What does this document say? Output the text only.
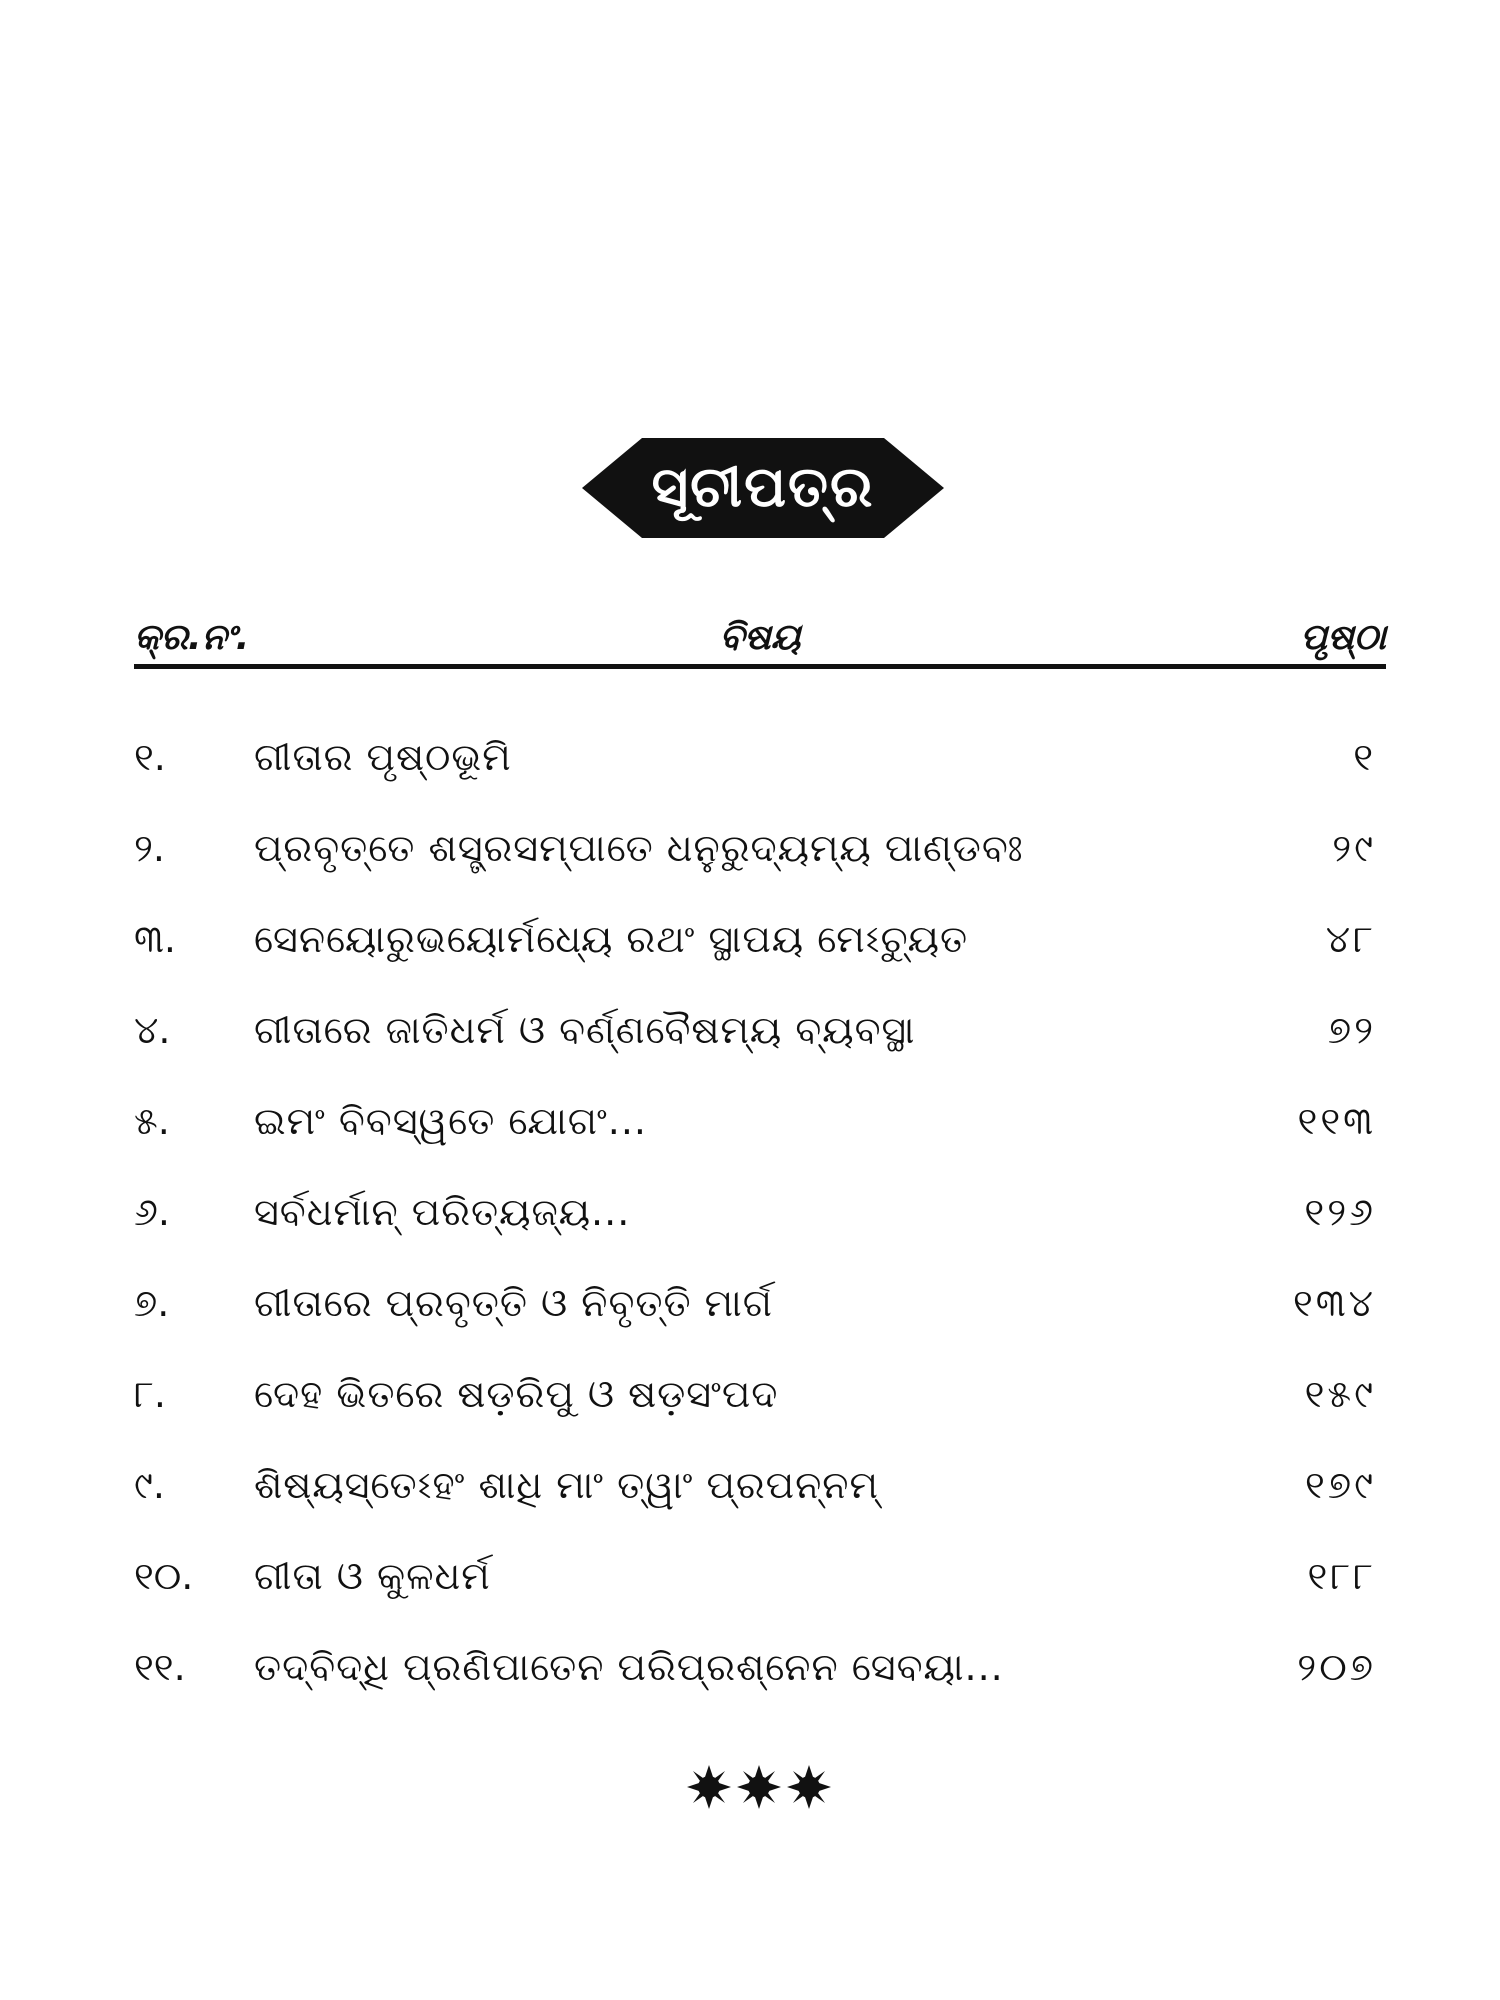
ସୂଚୀପତ୍ର
କ୍ର.ନଂ.	ବିଷୟ	ପୃଷ୍ଠା
୧.	ଗୀତାର ପୃଷ୍ଠଭୂମି	୧
୨.	ପ୍ରବୃତ୍ତେ ଶସ୍ତ୍ରସମ୍ପାତେ ଧନୁରୁଦ୍ୟମ୍ୟ ପାଣ୍ଡବଃ	୨୯
୩.	ସେନୟୋରୁଭୟୋର୍ମଧ୍ୟେ ରଥଂ ସ୍ଥାପୟ ମେଽଚ୍ୟୁତ	୪୮
୪.	ଗୀତାରେ ଜାତିଧର୍ମ ଓ ବର୍ଣ୍ଣବୈଷମ୍ୟ ବ୍ୟବସ୍ଥା	୭୨
୫.	ଇମଂ ବିବସ୍ୱତେ ଯୋଗଂ...	୧୧୩
୬.	ସର୍ବଧର୍ମାନ୍ ପରିତ୍ୟଜ୍ୟ...	୧୨୬
୭.	ଗୀତାରେ ପ୍ରବୃତ୍ତି ଓ ନିବୃତ୍ତି ମାର୍ଗ	୧୩୪
୮.	ଦେହ ଭିତରେ ଷଡ଼ରିପୁ ଓ ଷଡ଼ସଂପଦ	୧୫୯
୯.	ଶିଷ୍ୟସ୍ତେଽହଂ ଶାଧି ମାଂ ତ୍ୱାଂ ପ୍ରପନ୍ନମ୍	୧୭୯
୧୦.	ଗୀତା ଓ କୁଳଧର୍ମ	୧୮୮
୧୧.	ତଦ୍‌ବିଦ୍ଧି ପ୍ରଣିପାତେନ ପରିପ୍ରଶ୍ନେନ ସେବୟା...	୨୦୭
